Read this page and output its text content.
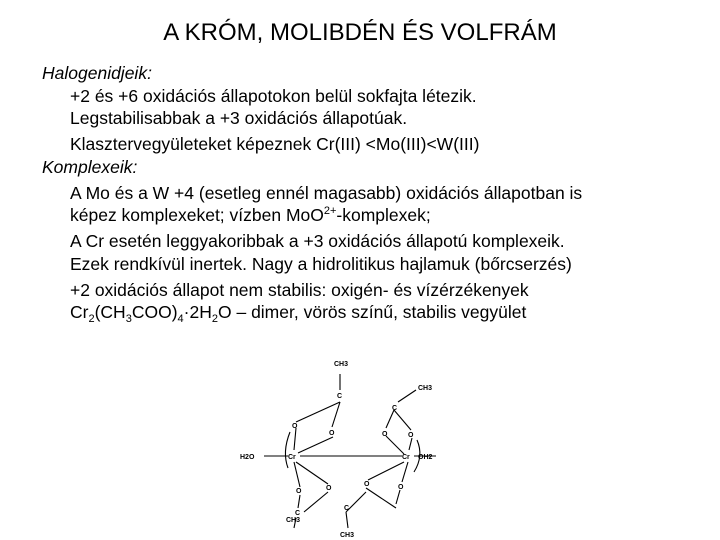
A KRÓM, MOLIBDÉN ÉS VOLFRÁM

Halogenidjeik:

+2 és +6 oxidációs állapotokon belül sokfajta létezik.

Legstabilisabbak a +3 oxidációs állapotúak.

Klasztervegyületeket képeznek Cr(III) <Mo(III)<W(III)

Komplexeik:

A Mo és a W +4 (esetleg ennél magasabb) oxidációs állapotban is

képez komplexeket; vízben MoO$^{2+}$-komplexek;

A Cr esetén leggyakoribbak a +3 oxidációs állapotú komplexeik.

Ezek rendkívül inertek. Nagy a hidrolitikus hajlamuk (bőrcserzés)

+2 oxidációs állapot nem stabilis: oxigén- és vízérzékenyek

$Cr_2(CH_3COO)_4\cdot 2H_2O$ – dimer, vörös színű, stabilis vegyület

CH3
C
CH3
C
O
O	O	O
H2O	Cr	Cr OH2
O	O
O	O
C
C
CH3
CH3
